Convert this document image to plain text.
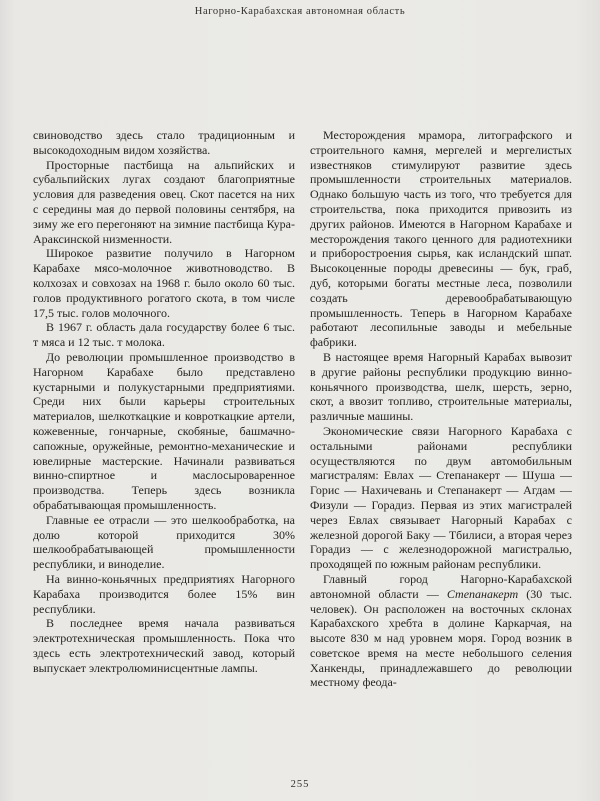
Нагорно-Карабахская автономная область

свиноводство здесь стало традиционным и высокодоходным видом хозяйства.

Просторные пастбища на альпийских и субальпийских лугах создают благоприятные условия для разведения овец. Скот пасется на них с середины мая до первой половины сентября, на зиму же его перегоняют на зимние пастбища Кура-Араксинской низменности.

Широкое развитие получило в Нагорном Карабахе мясо-молочное животноводство. В колхозах и совхозах на 1968 г. было около 60 тыс. голов продуктивного рогатого скота, в том числе 17,5 тыс. голов молочного.

В 1967 г. область дала государству более 6 тыс. т мяса и 12 тыс. т молока.

До революции промышленное производство в Нагорном Карабахе было представлено кустарными и полукустарными предприятиями. Среди них были карьеры строительных материалов, шелкоткацкие и ковроткацкие артели, кожевенные, гончарные, скобяные, башмачно-сапожные, оружейные, ремонтно-механические и ювелирные мастерские. Начинали развиваться винно-спиртное и маслосыроваренное производства. Теперь здесь возникла обрабатывающая промышленность.

Главные ее отрасли — это шелкообработка, на долю которой приходится 30% шелкообрабатывающей промышленности республики, и виноделие.

На винно-коньячных предприятиях Нагорного Карабаха производится более 15% вин республики.

В последнее время начала развиваться электротехническая промышленность. Пока что здесь есть электротехнический завод, который выпускает электролюминисцентные лампы.

Месторождения мрамора, литографского и строительного камня, мергелей и мергелистых известняков стимулируют развитие здесь промышленности строительных материалов. Однако большую часть из того, что требуется для строительства, пока приходится привозить из других районов. Имеются в Нагорном Карабахе и месторождения такого ценного для радиотехники и приборостроения сырья, как исландский шпат. Высокоценные породы древесины — бук, граб, дуб, которыми богаты местные леса, позволили создать деревообрабатывающую промышленность. Теперь в Нагорном Карабахе работают лесопильные заводы и мебельные фабрики.

В настоящее время Нагорный Карабах вывозит в другие районы республики продукцию винно-коньячного производства, шелк, шерсть, зерно, скот, а ввозит топливо, строительные материалы, различные машины.

Экономические связи Нагорного Карабаха с остальными районами республики осуществляются по двум автомобильным магистралям: Евлах — Степанакерт — Шуша — Горис — Нахичевань и Степанакерт — Агдам — Физули — Горадиз. Первая из этих магистралей через Евлах связывает Нагорный Карабах с железной дорогой Баку — Тбилиси, а вторая через Горадиз — с железнодорожной магистралью, проходящей по южным районам республики.

Главный город Нагорно-Карабахской автономной области — Степанакерт (30 тыс. человек). Он расположен на восточных склонах Карабахского хребта в долине Каркарчая, на высоте 830 м над уровнем моря. Город возник в советское время на месте небольшого селения Ханкенды, принадлежавшего до революции местному феода-

255
